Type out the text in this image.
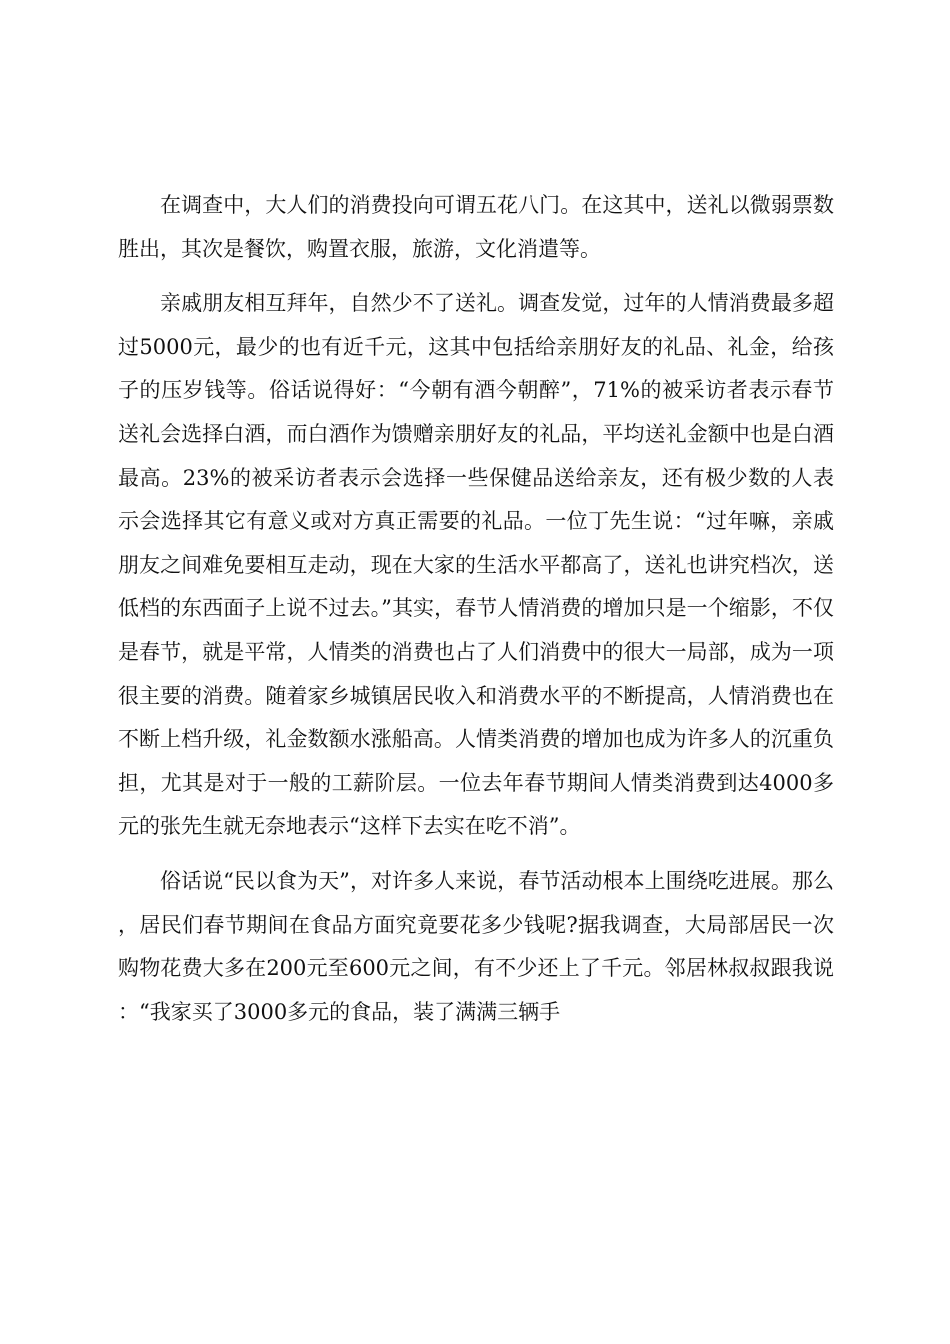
在调查中，大人们的消费投向可谓五花八门。在这其中，送礼以微弱票数胜出，其次是餐饮，购置衣服，旅游，文化消遣等。

亲戚朋友相互拜年，自然少不了送礼。调查发觉，过年的人情消费最多超过5000元，最少的也有近千元，这其中包括给亲朋好友的礼品、礼金，给孩子的压岁钱等。俗话说得好：“今朝有酒今朝醉”，71%的被采访者表示春节送礼会选择白酒，而白酒作为馈赠亲朋好友的礼品，平均送礼金额中也是白酒最高。23%的被采访者表示会选择一些保健品送给亲友，还有极少数的人表示会选择其它有意义或对方真正需要的礼品。一位丁先生说：“过年嘛，亲戚朋友之间难免要相互走动，现在大家的生活水平都高了，送礼也讲究档次，送低档的东西面子上说不过去。”其实，春节人情消费的增加只是一个缩影，不仅是春节，就是平常，人情类的消费也占了人们消费中的很大一局部，成为一项很主要的消费。随着家乡城镇居民收入和消费水平的不断提高，人情消费也在不断上档升级，礼金数额水涨船高。人情类消费的增加也成为许多人的沉重负担，尤其是对于一般的工薪阶层。一位去年春节期间人情类消费到达4000多元的张先生就无奈地表示“这样下去实在吃不消”。

俗话说“民以食为天”，对许多人来说，春节活动根本上围绕吃进展。那么，居民们春节期间在食品方面究竟要花多少钱呢?据我调查，大局部居民一次购物花费大多在200元至600元之间，有不少还上了千元。邻居林叔叔跟我说：“我家买了3000多元的食品，装了满满三辆手
